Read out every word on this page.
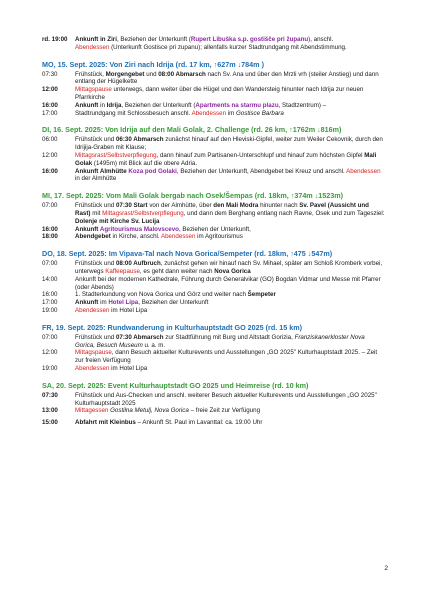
rd. 19:00	Ankunft in Ziri, Beziehen der Unterkunft (Rupert Libuška s.p. gostišče pri županu), anschl.
Abendessen (Unterkunft Gostisce pri zupanu); allenfalls kurzer Stadtrundgang mit Abendstimmung.
MO, 15. Sept. 2025: Von Ziri nach Idrija (rd. 17 km, ↑627m ↓784m )
07:30	Frühstück, Morgengebet und 08:00 Abmarsch nach Sv. Ana und über den Mrzli vrh (steiler Anstieg) und dann entlang der Hügelkette
12:00	Mittagspause unterwegs, dann weiter über die Hügel und den Wandersteig hinunter nach Idrija zur neuen Pfarrkirche
16:00	Ankunft in Idrija, Beziehen der Unterkunft (Apartments na starmu plazu, Stadtzentrum) –
17:00	Stadtrundgang mit Schlossbesuch anschl. Abendessen im Gostisce Barbara
DI, 16. Sept. 2025: Von Idrija auf den Mali Golak, 2. Challenge (rd. 26 km, ↑1762m ↓816m)
06:00	Frühstück und 06:30 Abmarsch zunächst hinauf auf den Hleviski-Gipfel, weiter zum Weiler Cekovnik, durch den Idrijija-Graben mit Klause;
12:00	Mittagsrast/Selbstverpflegung, dann hinauf zum Partisanen-Unterschlupf und hinauf zum höchsten Gipfel Mali Golak (1495m) mit Blick auf die obere Adria.
16:00	Ankunft Almhütte Koza pod Golaki, Beziehen der Unterkunft, Abendgebet bei Kreuz und anschl. Abendessen in der Almhütte
MI, 17. Sept. 2025: Vom Mali Golak bergab nach Osek/Šempas (rd. 18km, ↑374m ↓1523m)
07:00	Frühstück und 07:30 Start von der Almhütte, über den Mali Modra hinunter nach Sv. Pavel (Aussicht und Rast) mit Mittagsrast/Selbstverpflegung, und dann dem Berghang entlang nach Ravne, Osek und zum Tagesziel: Dolenje mit Kirche Sv. Lucija
16:00	Ankunft Agritourismus Malovscevo, Beziehen der Unterkunft,
18:00	Abendgebet in Kirche, anschl. Abendessen im Agritourismus
DO, 18. Sept. 2025: Im Vipava-Tal nach Nova Gorica/Sempeter (rd. 18km, ↑475 ↓547m)
07:00	Frühstück und 08:00 Aufbruch, zunächst gehen wir hinauf nach Sv. Mihael, später am Schloß Kromberk vorbei, unterwegs Kaffeepause, es geht dann weiter nach Nova Gorica
14:00	Ankunft bei der modernen Kathedrale, Führung durch Generalvikar (GO) Bogdan Vidmar und Messe mit Pfarrer (oder Abends)
16:00	1. Stadterkundung von Nova Gorica und Görz und weiter nach Šempeter
17:00	Ankunft im Hotel Lipa, Beziehen der Unterkunft
19:00	Abendessen im Hotel Lipa
FR, 19. Sept. 2025: Rundwanderung in Kulturhauptstadt GO 2025 (rd. 15 km)
07:00	Frühstück und 07:30 Abmarsch zur Stadtführung mit Burg und Altstadt Gorizia, Franziskanerkloster Nova Gorica, Besuch Museum u. a. m.
12:00	Mittagspause, dann Besuch aktueller Kulturevents und Ausstellungen „GO 2025" Kulturhauptstadt 2025. – Zeit zur freien Verfügung
19:00	Abendessen im Hotel Lipa
SA, 20. Sept. 2025: Event Kulturhauptstadt GO 2025 und Heimreise (rd. 10 km)
07:30	Frühstück und Aus-Checken und anschl. weiterer Besuch aktueller Kulturevents und Ausstellungen „GO 2025" Kulturhauptstadt 2025
13:00	Mittagessen Gostilna Metulj, Nova Gorica – freie Zeit zur Verfügung
15:00	Abfahrt mit Kleinbus – Ankunft St. Paul im Lavanttal: ca. 19:00 Uhr
2
